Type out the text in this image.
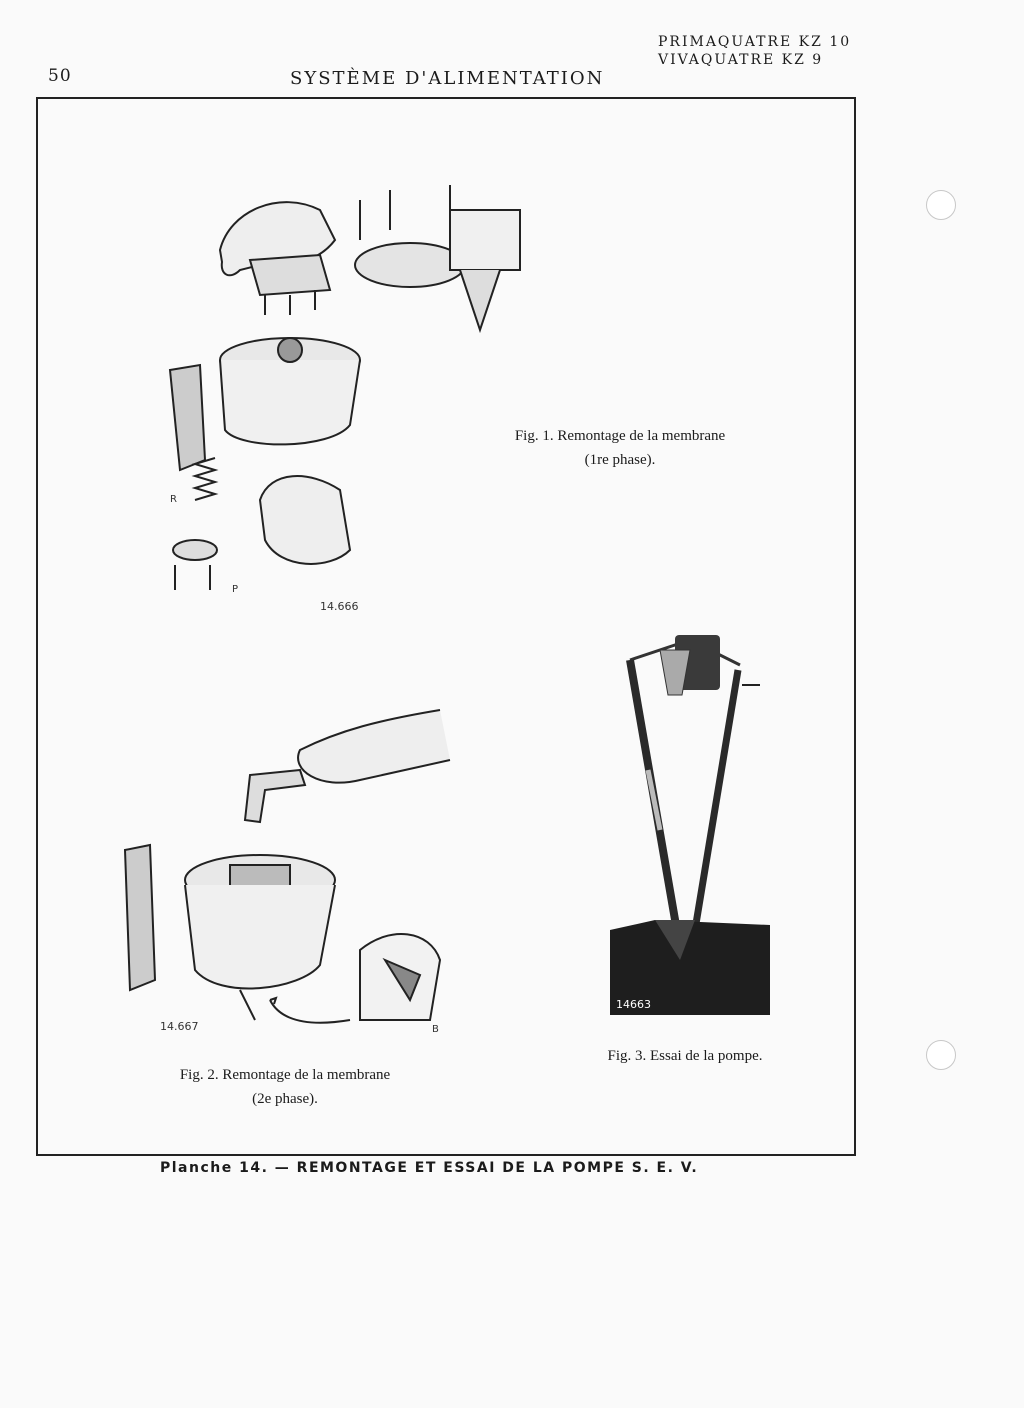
50	SYSTÈME D'ALIMENTATION
PRIMAQUATRE KZ 10
VIVAQUATRE KZ 9
R
P
14.666
Fig. 1. Remontage de la membrane
(1re phase).
14.667	B
Fig. 2. Remontage de la membrane
(2e phase).
14663
Fig. 3. Essai de la pompe.
Planche 14. — REMONTAGE ET ESSAI DE LA POMPE S. E. V.
